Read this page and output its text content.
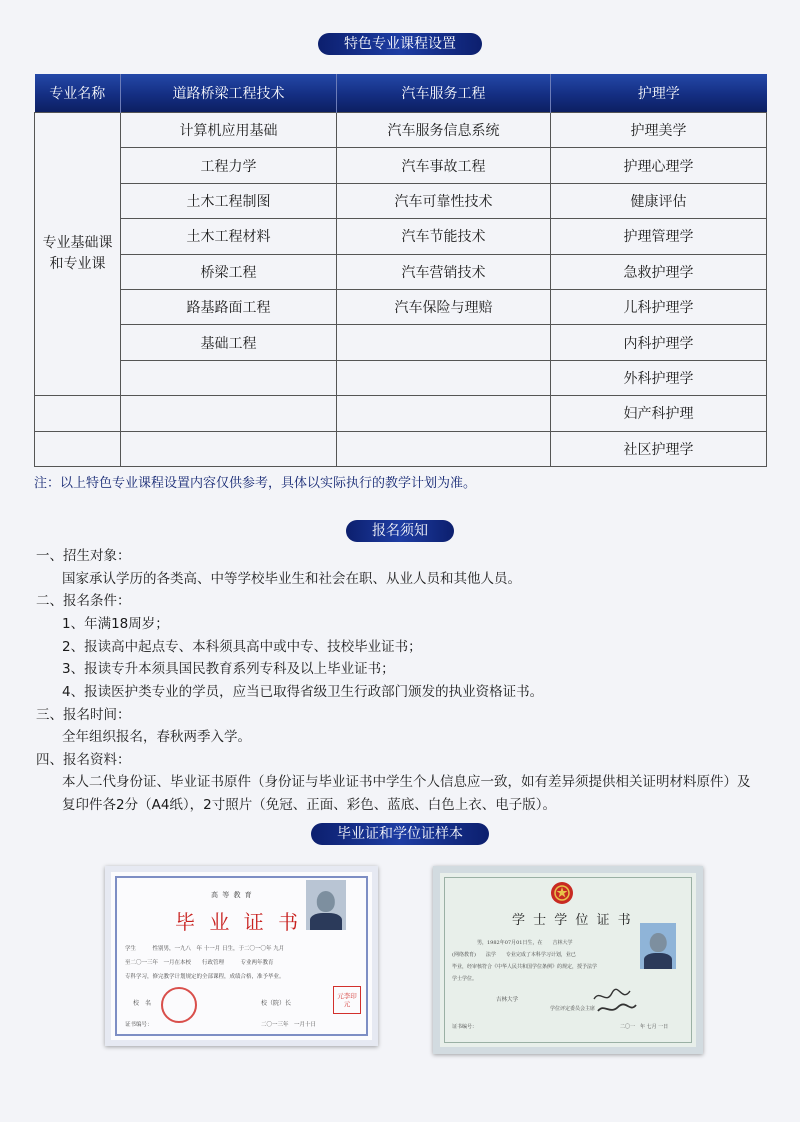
特色专业课程设置
专业名称	道路桥梁工程技术	汽车服务工程	护理学
专业基础课
和专业课	计算机应用基础	汽车服务信息系统	护理美学
	工程力学	汽车事故工程	护理心理学
	土木工程制图	汽车可靠性技术	健康评估
	土木工程材料	汽车节能技术	护理管理学
	桥梁工程	汽车营销技术	急救护理学
	路基路面工程	汽车保险与理赔	儿科护理学
	基础工程		内科护理学
			外科护理学
			妇产科护理
			社区护理学
注：以上特色专业课程设置内容仅供参考，具体以实际执行的教学计划为准。
报名须知
一、招生对象：
国家承认学历的各类高、中等学校毕业生和社会在职、从业人员和其他人员。
二、报名条件：
1、年满18周岁；
2、报读高中起点专、本科须具高中或中专、技校毕业证书；
3、报读专升本须具国民教育系列专科及以上毕业证书；
4、报读医护类专业的学员，应当已取得省级卫生行政部门颁发的执业资格证书。
三、报名时间：
全年组织报名，春秋两季入学。
四、报名资料：
本人二代身份证、毕业证书原件（身份证与毕业证书中学生个人信息应一致，如有差异须提供相关证明材料原件）及
复印件各2分（A4纸），2寸照片（免冠、正面、彩色、蓝底、白色上衣、电子版）。
毕业证和学位证样本
高 等 教 育
毕 业 证 书
学生　　　性别男，一九八　年 十一月 日生，于二〇一〇年 九月
至二〇一三年　一月在本校　　行政管理　　　专业两年教育
专科学习，修完教学计划规定的全部课程，成绩合格，准予毕业。
校　名	校（院）长
元李印元
证书编号：	二〇一三年　一月十日
学 士 学 位 证 书
　　　　　男，1982年07月01日生，在　　吉林大学
(网络教育)　　法学　　专业完成了本科学习计划，业已
毕业，经审核符合《中华人民共和国学位条例》的规定，授予法学
学士学位。
吉林大学
学位评定委员会主席
证书编号：	二〇一　年 七月 一日
